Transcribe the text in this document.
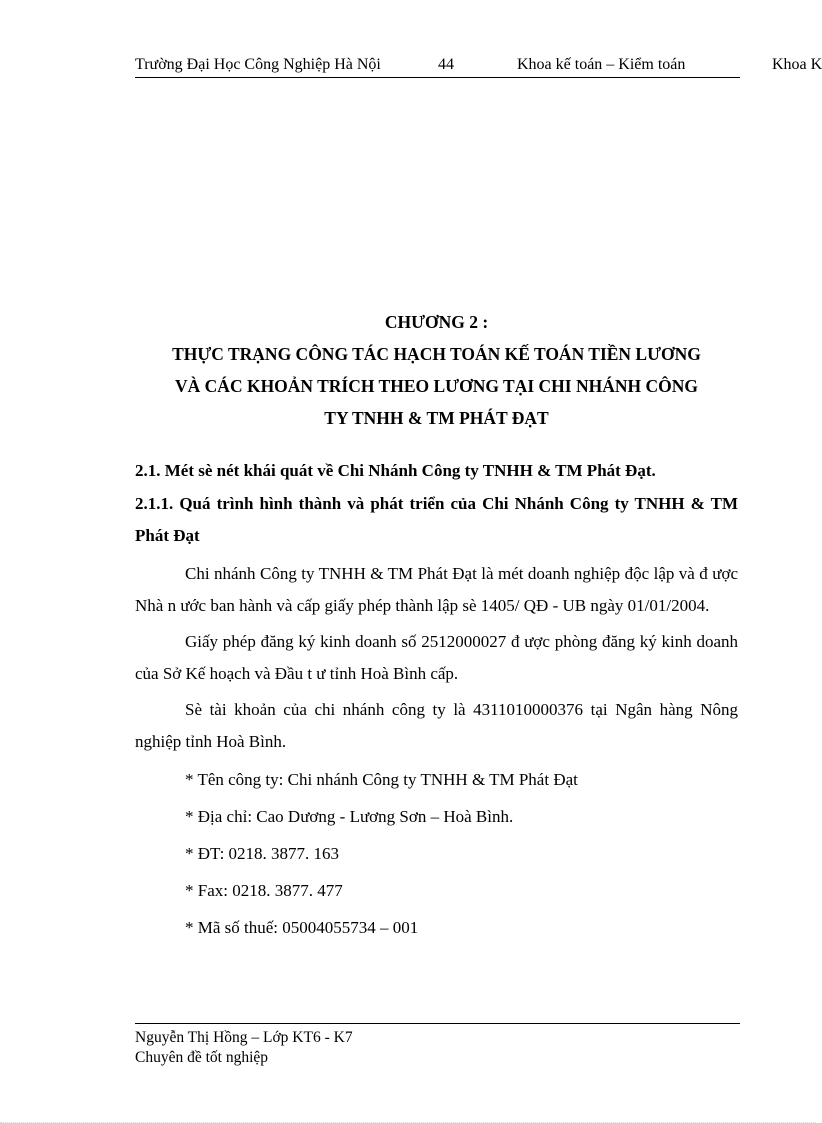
Trường Đại Học Công Nghiệp Hà Nội	44	Khoa kế toán – Kiểm toán	Khoa K
CHƯƠNG 2 :
THỰC TRẠNG CÔNG TÁC HẠCH TOÁN KẾ TOÁN TIỀN LƯƠNG
VÀ CÁC KHOẢN TRÍCH THEO LƯƠNG TẠI CHI NHÁNH CÔNG
TY TNHH & TM PHÁT ĐẠT

2.1. Mét sè nét khái quát về Chi Nhánh Công ty TNHH & TM Phát Đạt.

2.1.1. Quá trình hình thành và phát triển của Chi Nhánh Công ty TNHH & TM Phát Đạt

Chi nhánh Công ty TNHH & TM Phát Đạt là mét doanh nghiệp độc lập và đ ược Nhà n ước ban hành và cấp giấy phép thành lập sè 1405/ QĐ - UB ngày 01/01/2004.

Giấy phép đăng ký kinh doanh số 2512000027 đ ược phòng đăng ký kinh doanh của Sở Kế hoạch và Đầu t ư tỉnh Hoà Bình cấp.

Sè tài khoản của chi nhánh công ty là 4311010000376 tại Ngân hàng Nông nghiệp tỉnh Hoà Bình.

* Tên công ty: Chi nhánh Công ty TNHH & TM Phát Đạt

* Địa chỉ: Cao Dương - Lương Sơn – Hoà Bình.

* ĐT: 0218. 3877. 163

* Fax: 0218. 3877. 477

* Mã số thuế: 05004055734 – 001

Nguyễn Thị Hồng – Lớp KT6 - K7
Chuyên đề tốt nghiệp
